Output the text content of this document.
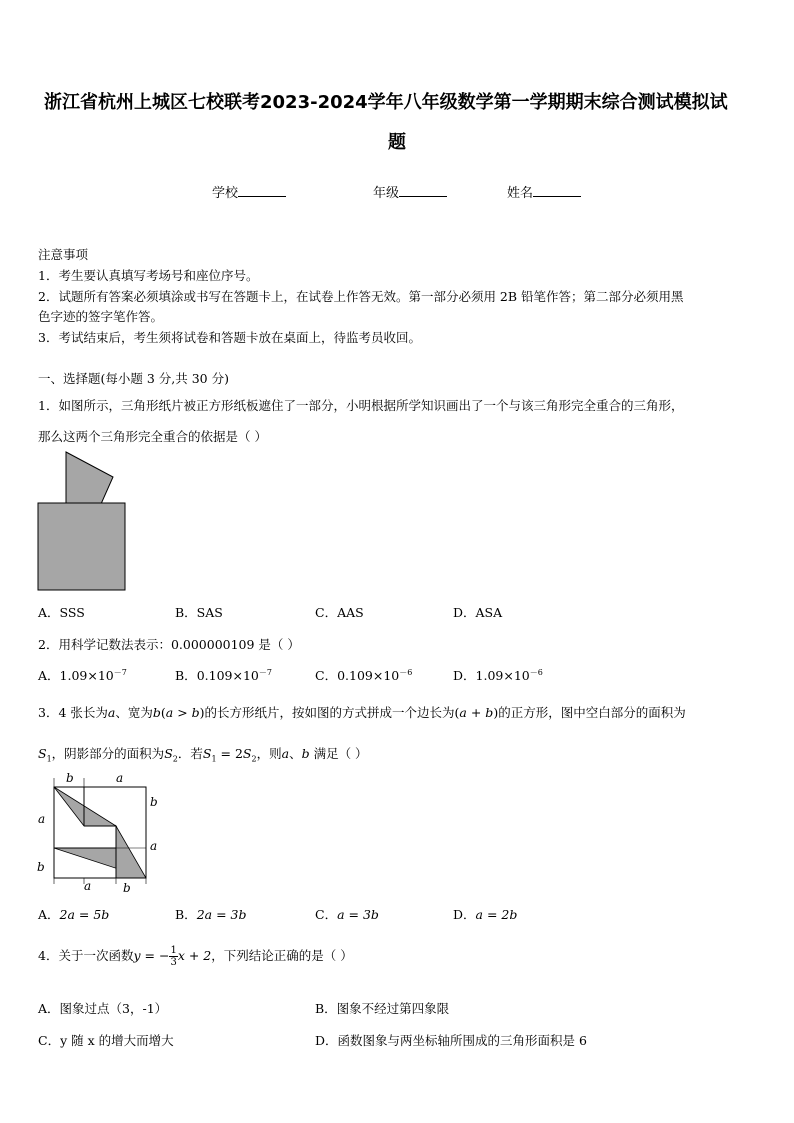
浙江省杭州上城区七校联考2023-2024学年八年级数学第一学期期末综合测试模拟试
题
学校	年级	姓名
注意事项
1．考生要认真填写考场号和座位序号。
2．试题所有答案必须填涂或书写在答题卡上，在试卷上作答无效。第一部分必须用 2B 铅笔作答；第二部分必须用黑
色字迹的签字笔作答。
3．考试结束后，考生须将试卷和答题卡放在桌面上，待监考员收回。
一、选择题(每小题 3 分,共 30 分)
1．如图所示，三角形纸片被正方形纸板遮住了一部分，小明根据所学知识画出了一个与该三角形完全重合的三角形，
那么这两个三角形完全重合的依据是（ ）
A．SSS	B．SAS	C．AAS	D．ASA
2．用科学记数法表示：0.000000109 是（ ）
A．$1.09\times 10^{-7}$	B．$0.109\times 10^{-7}$	C．$0.109\times 10^{-6}$	D．$1.09\times 10^{-6}$
3．4 张长为a、宽为b(a > b)的长方形纸片，按如图的方式拼成一个边长为(a + b)的正方形，图中空白部分的面积为
$S_1$，阴影部分的面积为$S_2$．若$S_1 = 2S_2$，则a、b 满足（ ）
b	a
a
b
b
a
a	b
A．2a = 5b	B．2a = 3b	C．a = 3b	D．a = 2b
4．关于一次函数y = − $\frac{1}{3}$ x + 2，下列结论正确的是（ ）
A．图象过点（3，-1）	B．图象不经过第四象限
C．y 随 x 的增大而增大	D．函数图象与两坐标轴所围成的三角形面积是 6
